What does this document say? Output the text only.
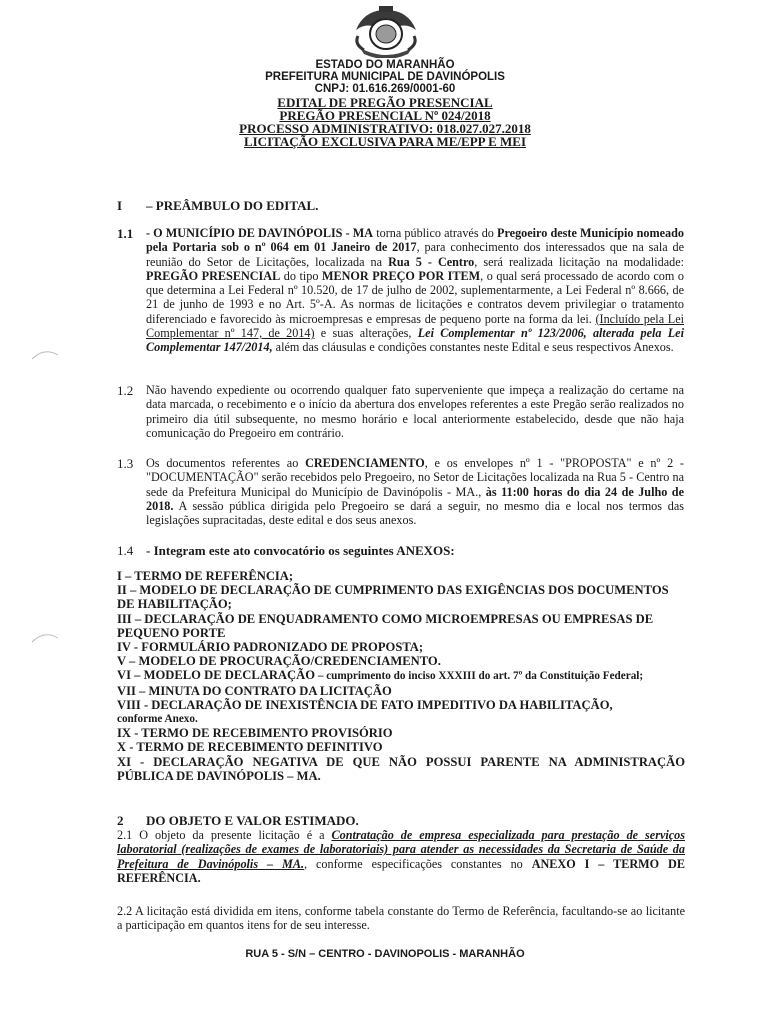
ESTADO DO MARANHÃO
PREFEITURA MUNICIPAL DE DAVINÓPOLIS
CNPJ: 01.616.269/0001-60
EDITAL DE PREGÃO PRESENCIAL
PREGÃO PRESENCIAL Nº 024/2018
PROCESSO ADMINISTRATIVO: 018.027.027.2018
LICITAÇÃO EXCLUSIVA PARA ME/EPP E MEI
I – PREÂMBULO DO EDITAL.
1.1 - O MUNICÍPIO DE DAVINÓPOLIS - MA torna público através do Pregoeiro deste Município nomeado pela Portaria sob o nº 064 em 01 Janeiro de 2017, para conhecimento dos interessados que na sala de reunião do Setor de Licitações, localizada na Rua 5 - Centro, será realizada licitação na modalidade: PREGÃO PRESENCIAL do tipo MENOR PREÇO POR ITEM, o qual será processado de acordo com o que determina a Lei Federal nº 10.520, de 17 de julho de 2002, suplementarmente, a Lei Federal nº 8.666, de 21 de junho de 1993 e no Art. 5º-A. As normas de licitações e contratos devem privilegiar o tratamento diferenciado e favorecido às microempresas e empresas de pequeno porte na forma da lei. (Incluído pela Lei Complementar nº 147, de 2014) e suas alterações, Lei Complementar nº 123/2006, alterada pela Lei Complementar 147/2014, além das cláusulas e condições constantes neste Edital e seus respectivos Anexos.
1.2 Não havendo expediente ou ocorrendo qualquer fato superveniente que impeça a realização do certame na data marcada, o recebimento e o início da abertura dos envelopes referentes a este Pregão serão realizados no primeiro dia útil subsequente, no mesmo horário e local anteriormente estabelecido, desde que não haja comunicação do Pregoeiro em contrário.
1.3 Os documentos referentes ao CREDENCIAMENTO, e os envelopes nº 1 - "PROPOSTA" e nº 2 - "DOCUMENTAÇÃO" serão recebidos pelo Pregoeiro, no Setor de Licitações localizada na Rua 5 - Centro na sede da Prefeitura Municipal do Município de Davinópolis - MA., às 11:00 horas do dia 24 de Julho de 2018. A sessão pública dirigida pelo Pregoeiro se dará a seguir, no mesmo dia e local nos termos das legislações supracitadas, deste edital e dos seus anexos.
1.4 - Integram este ato convocatório os seguintes ANEXOS:
I – TERMO DE REFERÊNCIA;
II – MODELO DE DECLARAÇÃO DE CUMPRIMENTO DAS EXIGÊNCIAS DOS DOCUMENTOS DE HABILITAÇÃO;
III – DECLARAÇÃO DE ENQUADRAMENTO COMO MICROEMPRESAS OU EMPRESAS DE PEQUENO PORTE
IV - FORMULÁRIO PADRONIZADO DE PROPOSTA;
V – MODELO DE PROCURAÇÃO/CREDENCIAMENTO.
VI – MODELO DE DECLARAÇÃO – cumprimento do inciso XXXIII do art. 7º da Constituição Federal;
VII – MINUTA DO CONTRATO DA LICITAÇÃO
VIII - DECLARAÇÃO DE INEXISTÊNCIA DE FATO IMPEDITIVO DA HABILITAÇÃO,
conforme Anexo.
IX - TERMO DE RECEBIMENTO PROVISÓRIO
X - TERMO DE RECEBIMENTO DEFINITIVO
XI - DECLARAÇÃO NEGATIVA DE QUE NÃO POSSUI PARENTE NA ADMINISTRAÇÃO PÚBLICA DE DAVINÓPOLIS – MA.
2 DO OBJETO E VALOR ESTIMADO.
2.1 O objeto da presente licitação é a Contratação de empresa especializada para prestação de serviços laboratorial (realizações de exames de laboratoriais) para atender as necessidades da Secretaria de Saúde da Prefeitura de Davinópolis – MA., conforme especificações constantes no ANEXO I – TERMO DE REFERÊNCIA.
2.2 A licitação está dividida em itens, conforme tabela constante do Termo de Referência, facultando-se ao licitante a participação em quantos itens for de seu interesse.
RUA 5 - S/N – CENTRO - DAVINOPOLIS - MARANHÃO
